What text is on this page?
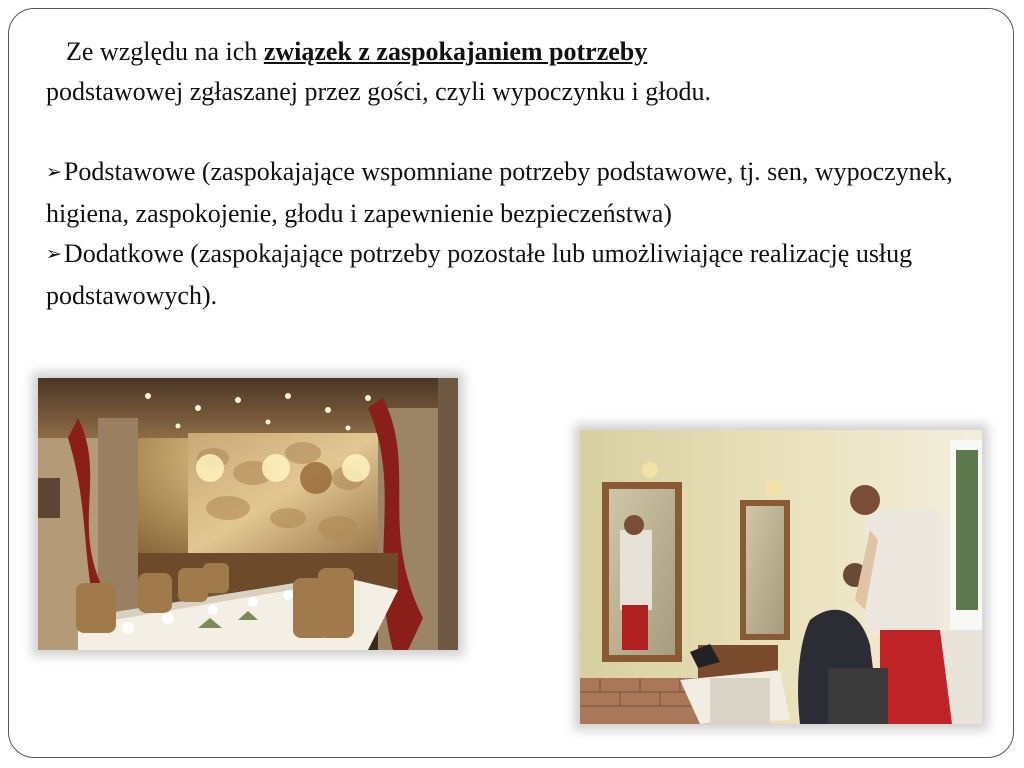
Ze względu na ich związek z zaspokajaniem potrzeby
podstawowej zgłaszanej przez gości, czyli wypoczynku i głodu.

➢Podstawowe (zaspokajające wspomniane potrzeby podstawowe, tj. sen, wypoczynek, higiena, zaspokojenie, głodu i zapewnienie bezpieczeństwa)

➢Dodatkowe (zaspokajające potrzeby pozostałe lub umożliwiające realizację usług podstawowych).
